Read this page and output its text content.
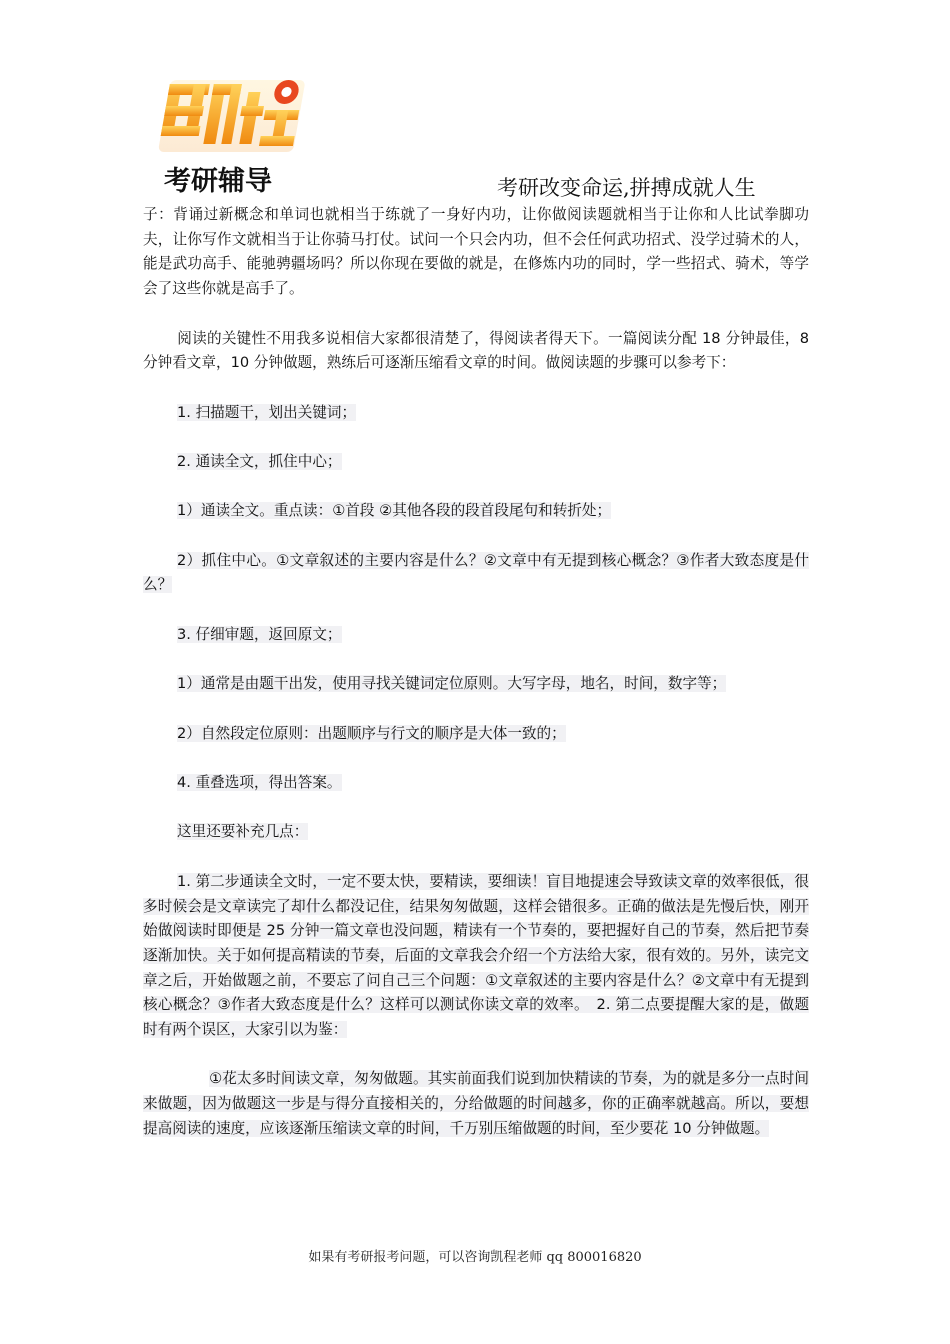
考研辅导	考研改变命运,拼搏成就人生

子：背诵过新概念和单词也就相当于练就了一身好内功，让你做阅读题就相当于让你和人比试拳脚功夫，让你写作文就相当于让你骑马打仗。试问一个只会内功，但不会任何武功招式、没学过骑术的人，能是武功高手、能驰骋疆场吗？所以你现在要做的就是，在修炼内功的同时，学一些招式、骑术，等学会了这些你就是高手了。

阅读的关键性不用我多说相信大家都很清楚了，得阅读者得天下。一篇阅读分配 18 分钟最佳，8 分钟看文章，10 分钟做题，熟练后可逐渐压缩看文章的时间。做阅读题的步骤可以参考下：

1. 扫描题干，划出关键词；

2. 通读全文，抓住中心；

1）通读全文。重点读：①首段 ②其他各段的段首段尾句和转折处；

2）抓住中心。①文章叙述的主要内容是什么？②文章中有无提到核心概念？③作者大致态度是什么？

3. 仔细审题，返回原文；

1）通常是由题干出发，使用寻找关键词定位原则。大写字母，地名，时间，数字等；

2）自然段定位原则：出题顺序与行文的顺序是大体一致的；

4. 重叠选项，得出答案。

这里还要补充几点：

1. 第二步通读全文时，一定不要太快，要精读，要细读！盲目地提速会导致读文章的效率很低，很多时候会是文章读完了却什么都没记住，结果匆匆做题，这样会错很多。正确的做法是先慢后快，刚开始做阅读时即便是 25 分钟一篇文章也没问题，精读有一个节奏的，要把握好自己的节奏，然后把节奏逐渐加快。关于如何提高精读的节奏，后面的文章我会介绍一个方法给大家，很有效的。另外，读完文章之后，开始做题之前，不要忘了问自己三个问题：①文章叙述的主要内容是什么？②文章中有无提到核心概念？③作者大致态度是什么？这样可以测试你读文章的效率。　2. 第二点要提醒大家的是，做题时有两个误区，大家引以为鉴：

①花太多时间读文章，匆匆做题。其实前面我们说到加快精读的节奏，为的就是多分一点时间来做题，因为做题这一步是与得分直接相关的，分给做题的时间越多，你的正确率就越高。所以，要想提高阅读的速度，应该逐渐压缩读文章的时间，千万别压缩做题的时间，至少要花 10 分钟做题。

如果有考研报考问题，可以咨询凯程老师 qq 800016820
